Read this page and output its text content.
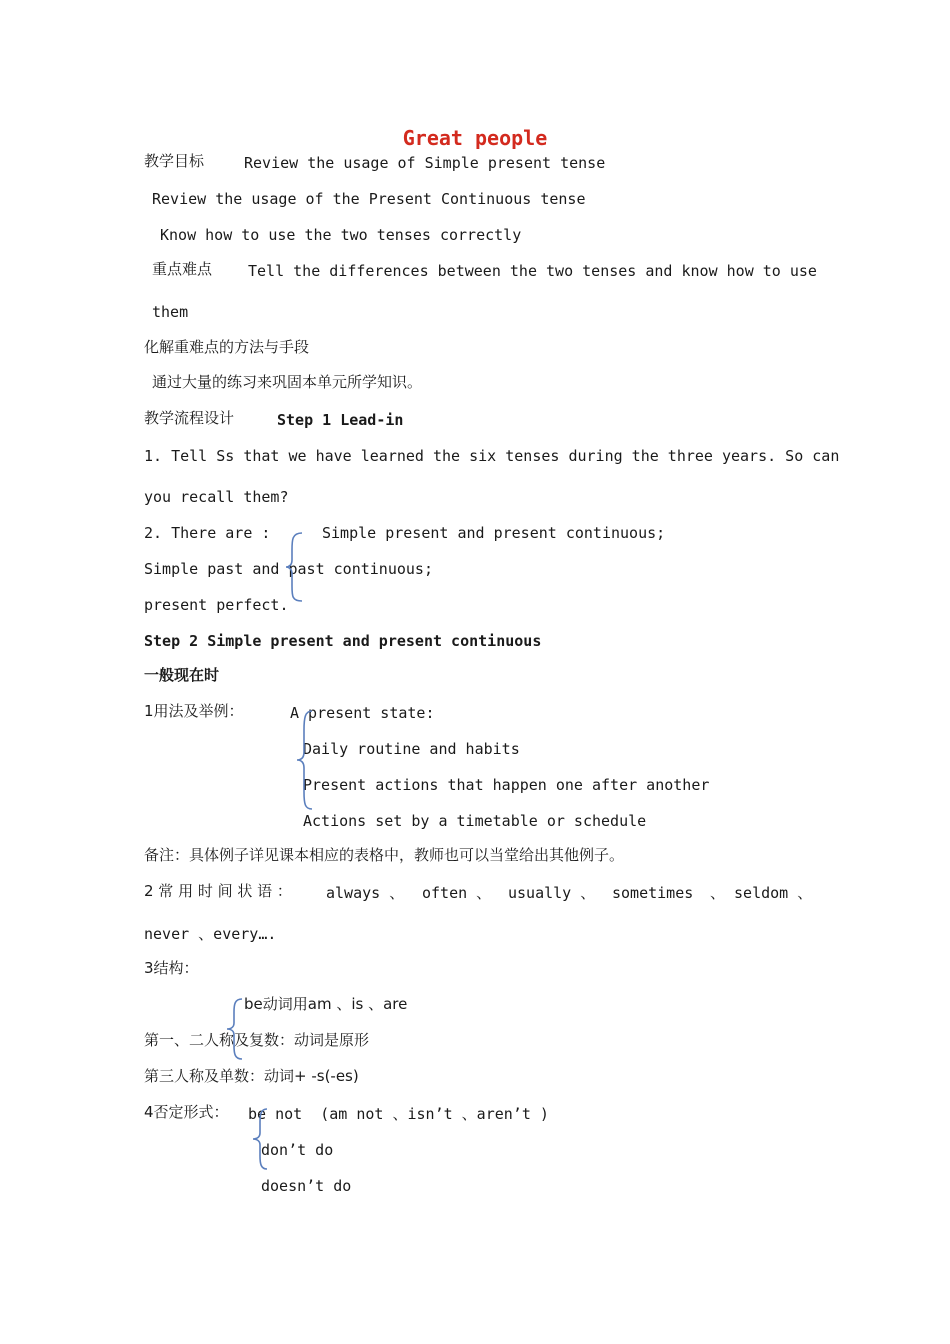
Great people
教学目标	Review the usage of Simple present tense
Review the usage of the Present Continuous tense
Know how to use the two tenses correctly
重点难点 Tell the differences between the two tenses and know how to use
them
化解重难点的方法与手段
通过大量的练习来巩固本单元所学知识。
教学流程设计	Step 1 Lead-in
1. Tell Ss that we have learned the six tenses during the three years. So can
you recall them?
2. There are :	Simple present and present continuous;
Simple past and past continuous;
present perfect.
Step 2 Simple present and present continuous
一般现在时
1用法及举例：	A present state:
Daily routine and habits
Present actions that happen one after another
Actions set by a timetable or schedule
备注：具体例子详见课本相应的表格中，教师也可以当堂给出其他例子。
2 常 用 时 间 状 语 ： always 、 often 、 usually 、 sometimes 、 seldom 、
never 、every….
3结构：
be动词用am 、is 、are
第一、二人称及复数：动词是原形
第三人称及单数：动词+ -s(-es)
4否定形式： be not  (am not 、isn’t 、aren’t )
don’t do
doesn’t do
